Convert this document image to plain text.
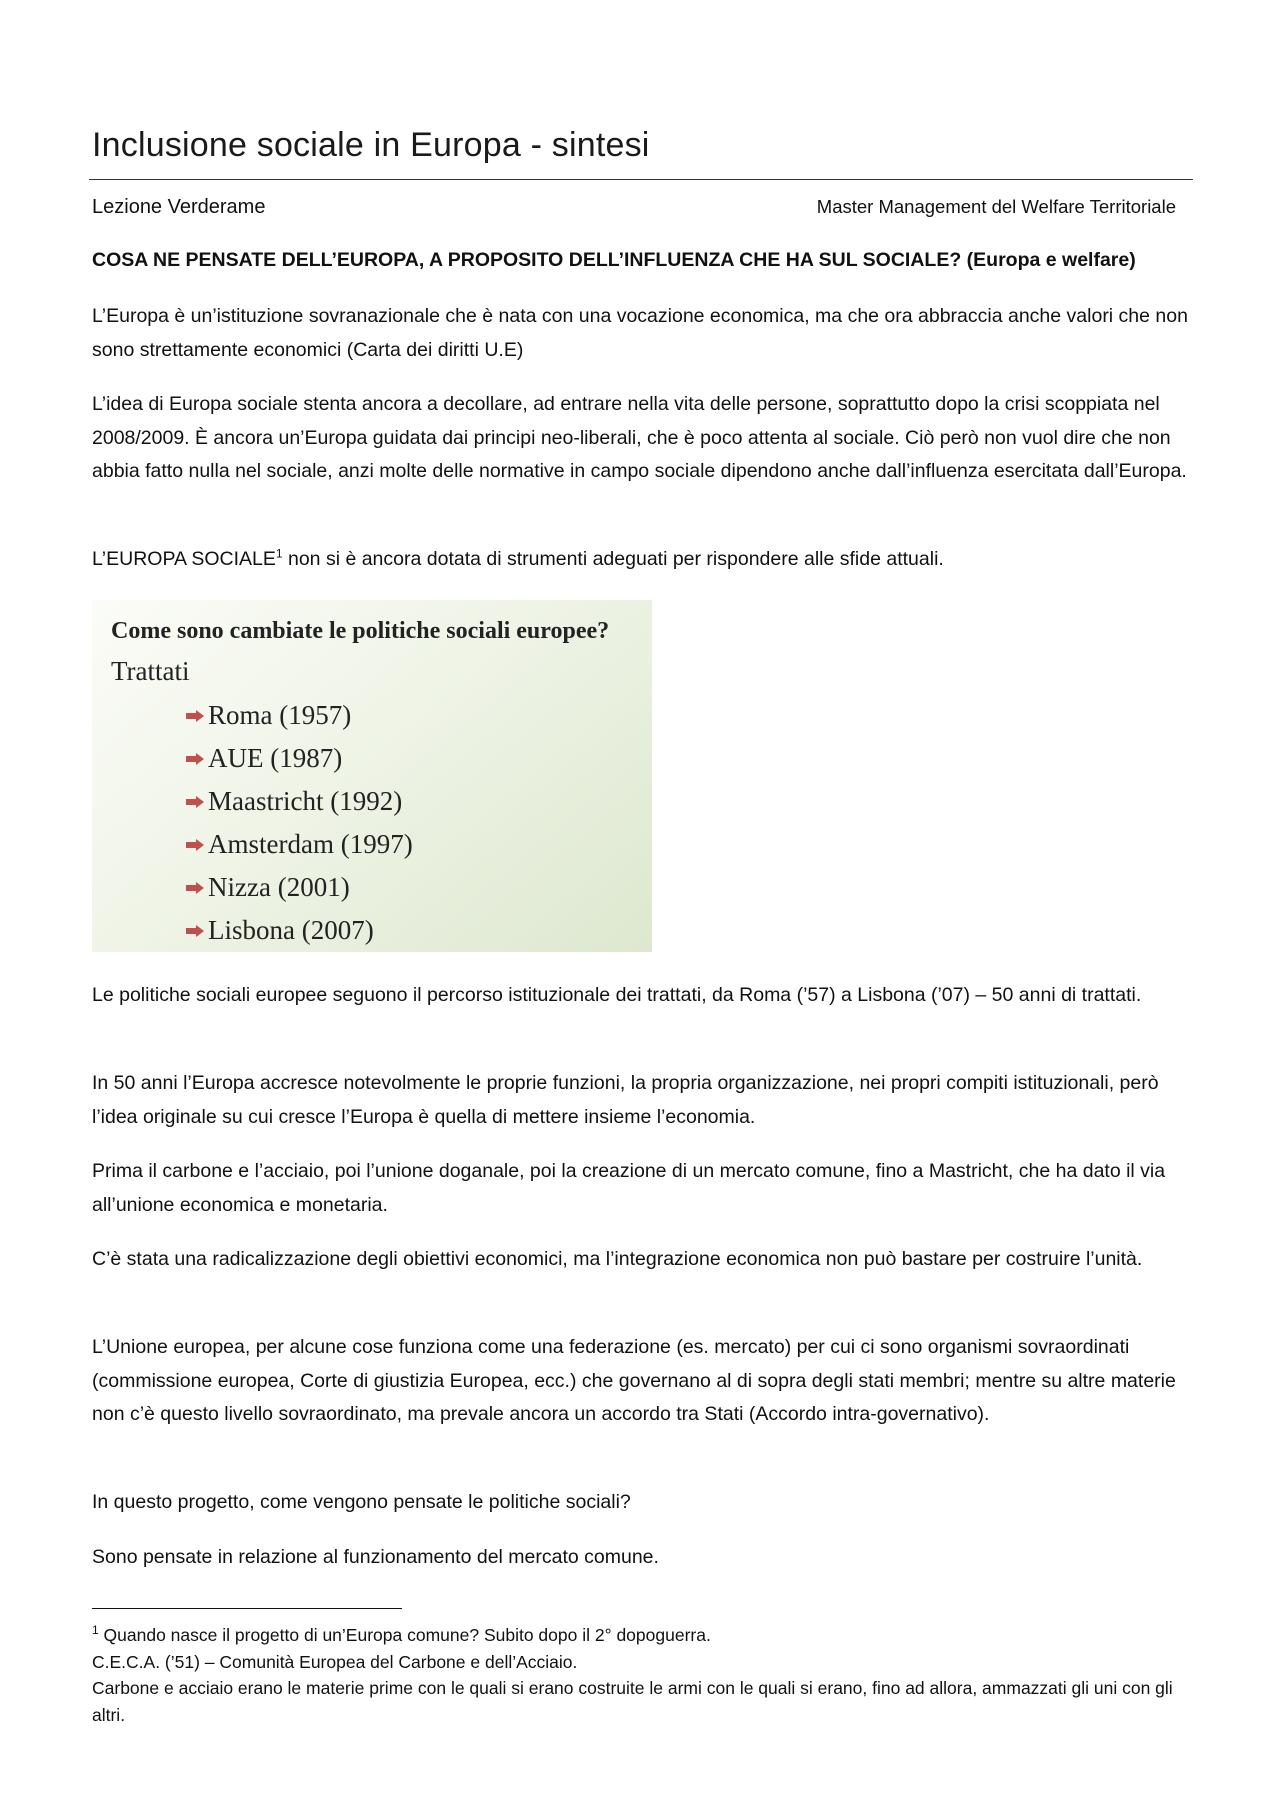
Inclusione sociale in Europa - sintesi
Lezione Verderame	Master Management del Welfare Territoriale
COSA NE PENSATE DELL’EUROPA, A PROPOSITO DELL’INFLUENZA CHE HA SUL SOCIALE? (Europa e welfare)

L’Europa è un’istituzione sovranazionale che è nata con una vocazione economica, ma che ora abbraccia anche valori che non sono strettamente economici (Carta dei diritti U.E)

L’idea di Europa sociale stenta ancora a decollare, ad entrare nella vita delle persone, soprattutto dopo la crisi scoppiata nel 2008/2009. È ancora un’Europa guidata dai principi neo-liberali, che è poco attenta al sociale. Ciò però non vuol dire che non abbia fatto nulla nel sociale, anzi molte delle normative in campo sociale dipendono anche dall’influenza esercitata dall’Europa.

L’EUROPA SOCIALE$^1$ non si è ancora dotata di strumenti adeguati per rispondere alle sfide attuali.

Come sono cambiate le politiche sociali europee?
Trattati
Roma (1957)
AUE (1987)
Maastricht (1992)
Amsterdam (1997)
Nizza (2001)
Lisbona (2007)

Le politiche sociali europee seguono il percorso istituzionale dei trattati, da Roma (’57) a Lisbona (’07) – 50 anni di trattati.

In 50 anni l’Europa accresce notevolmente le proprie funzioni, la propria organizzazione, nei propri compiti istituzionali, però l’idea originale su cui cresce l’Europa è quella di mettere insieme l’economia.

Prima il carbone e l’acciaio, poi l’unione doganale, poi la creazione di un mercato comune, fino a Mastricht, che ha dato il via all’unione economica e monetaria.

C’è stata una radicalizzazione degli obiettivi economici, ma l’integrazione economica non può bastare per costruire l’unità.

L’Unione europea, per alcune cose funziona come una federazione (es. mercato) per cui ci sono organismi sovraordinati (commissione europea, Corte di giustizia Europea, ecc.) che governano al di sopra degli stati membri; mentre su altre materie non c’è questo livello sovraordinato, ma prevale ancora un accordo tra Stati (Accordo intra-governativo).

In questo progetto, come vengono pensate le politiche sociali?

Sono pensate in relazione al funzionamento del mercato comune.

$^1$ Quando nasce il progetto di un’Europa comune? Subito dopo il 2° dopoguerra.
C.E.C.A. (’51) – Comunità Europea del Carbone e dell’Acciaio.
Carbone e acciaio erano le materie prime con le quali si erano costruite le armi con le quali si erano, fino ad allora, ammazzati gli uni con gli altri.
